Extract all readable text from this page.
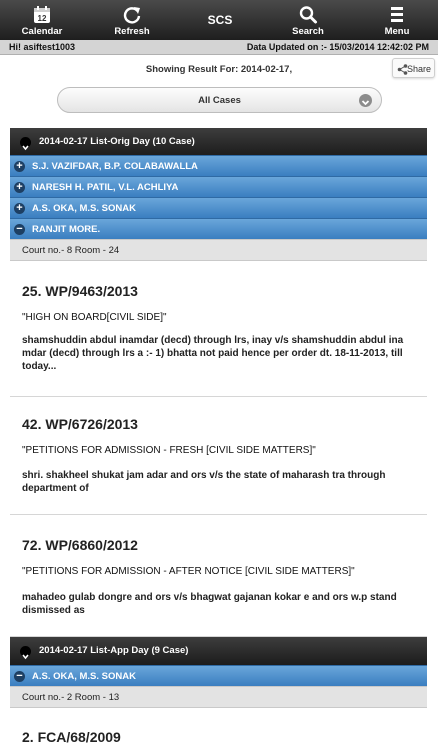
12
Calendar	Refresh
SCS
Search	Menu
Hi! asiftest1003	Data Updated on :- 15/03/2014 12:42:02 PM
Showing Result For: 2014-02-17,	Share
All Cases
2014-02-17 List-Orig Day (10 Case)
+ S.J. VAZIFDAR, B.P. COLABAWALLA
+ NARESH H. PATIL, V.L. ACHLIYA
+ A.S. OKA, M.S. SONAK
− RANJIT MORE.
Court no.- 8 Room - 24
25. WP/9463/2013
"HIGH ON BOARD[CIVIL SIDE]"
shamshuddin abdul inamdar (decd) through lrs, inay v/s shamshuddin abdul ina mdar (decd) through lrs a :- 1) bhatta not paid hence per order dt. 18-11-2013, till today...
42. WP/6726/2013
"PETITIONS FOR ADMISSION - FRESH [CIVIL SIDE MATTERS]"
shri. shakheel shukat jam adar and ors v/s the state of maharash tra through department of
72. WP/6860/2012
"PETITIONS FOR ADMISSION - AFTER NOTICE [CIVIL SIDE MATTERS]"
mahadeo gulab dongre and ors v/s bhagwat gajanan kokar e and ors w.p stand dismissed as
2014-02-17 List-App Day (9 Case)
− A.S. OKA, M.S. SONAK
Court no.- 2 Room - 13
2. FCA/68/2009
